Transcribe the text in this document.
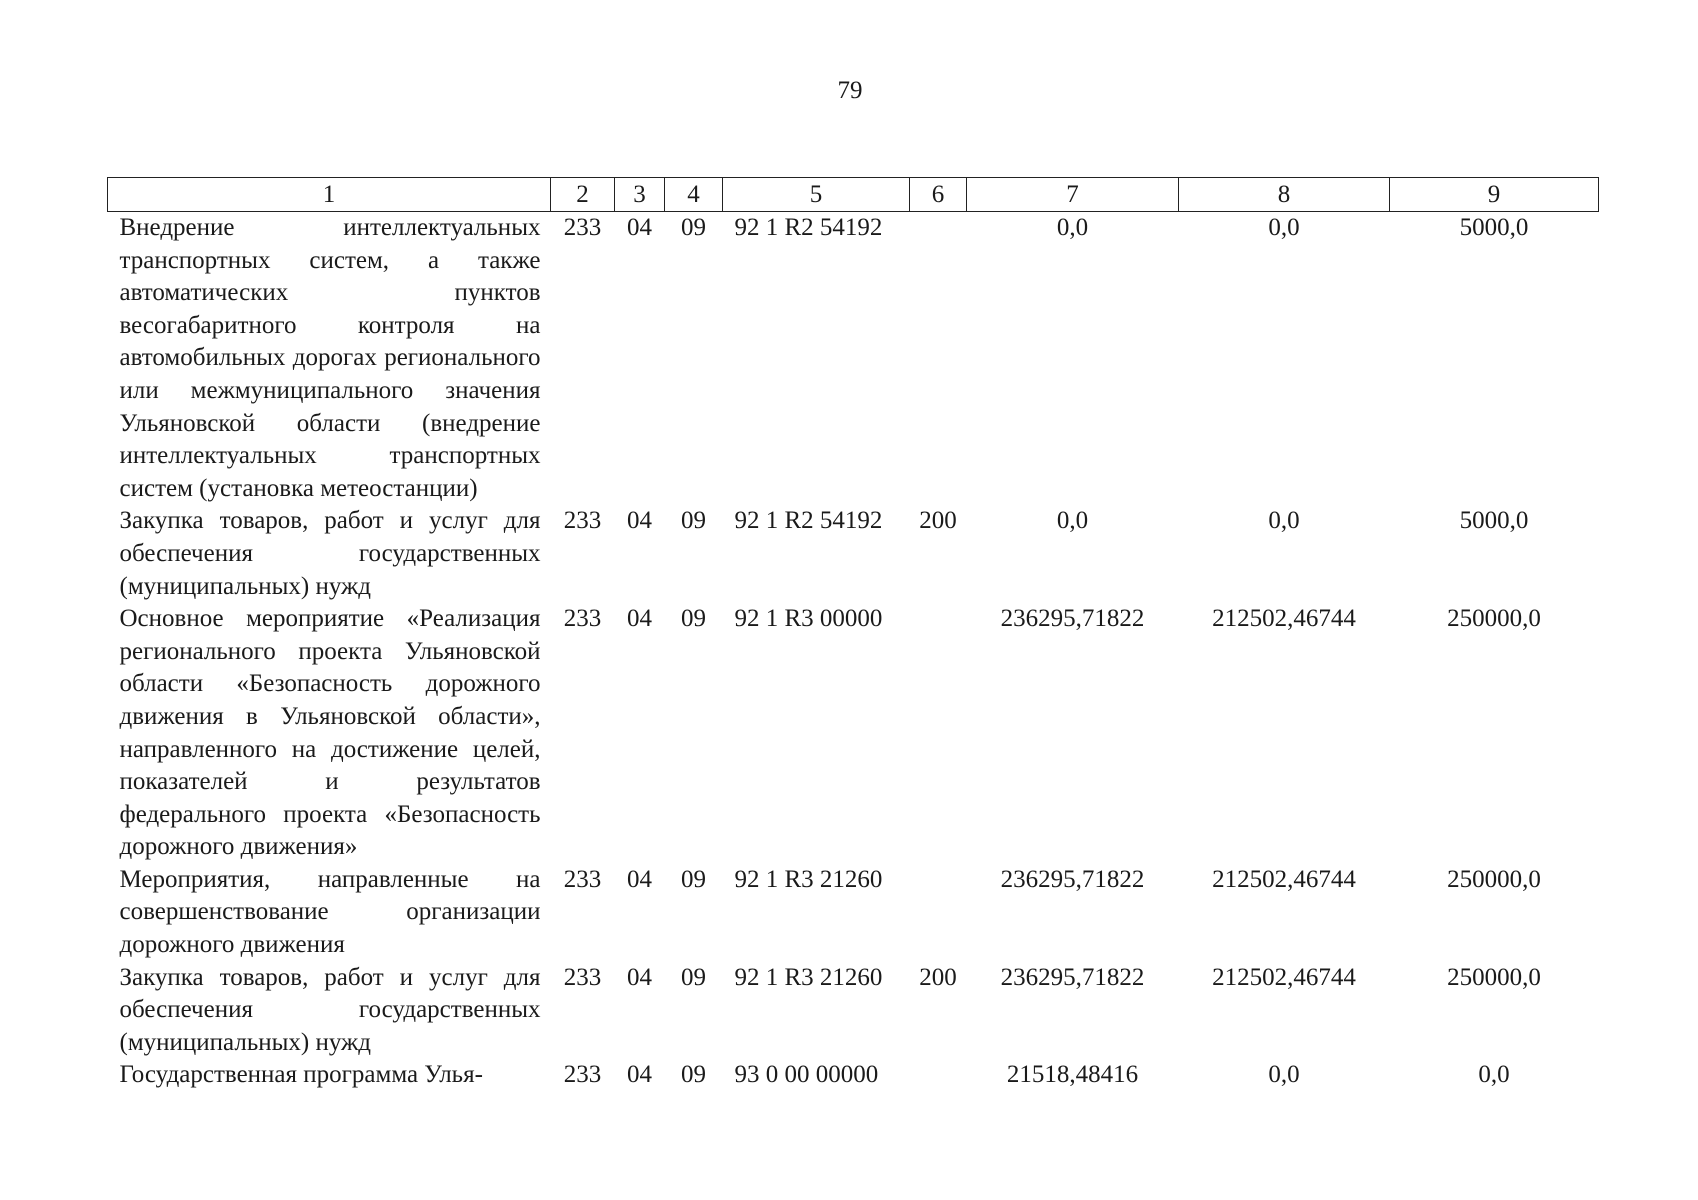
79
1	2	3	4	5	6	7	8	9
Внедрение интеллектуальных транспортных систем, а также автоматических пунктов весогабаритного контроля на автомобильных дорогах регионального или межмуниципального значения Ульяновской области (внедрение интеллектуальных транспортных систем (установка метеостанции)	233	04	09	92 1 R2 54192		0,0	0,0	5000,0
Закупка товаров, работ и услуг для обеспечения государственных (муниципальных) нужд	233	04	09	92 1 R2 54192	200	0,0	0,0	5000,0
Основное мероприятие «Реализация регионального проекта Ульяновской области «Безопасность дорожного движения в Ульяновской области», направленного на достижение целей, показателей и результатов федерального проекта «Безопасность дорожного движения»	233	04	09	92 1 R3 00000		236295,71822	212502,46744	250000,0
Мероприятия, направленные на совершенствование организации дорожного движения	233	04	09	92 1 R3 21260		236295,71822	212502,46744	250000,0
Закупка товаров, работ и услуг для обеспечения государственных (муниципальных) нужд	233	04	09	92 1 R3 21260	200	236295,71822	212502,46744	250000,0
Государственная программа Улья-	233	04	09	93 0 00 00000		21518,48416	0,0	0,0
